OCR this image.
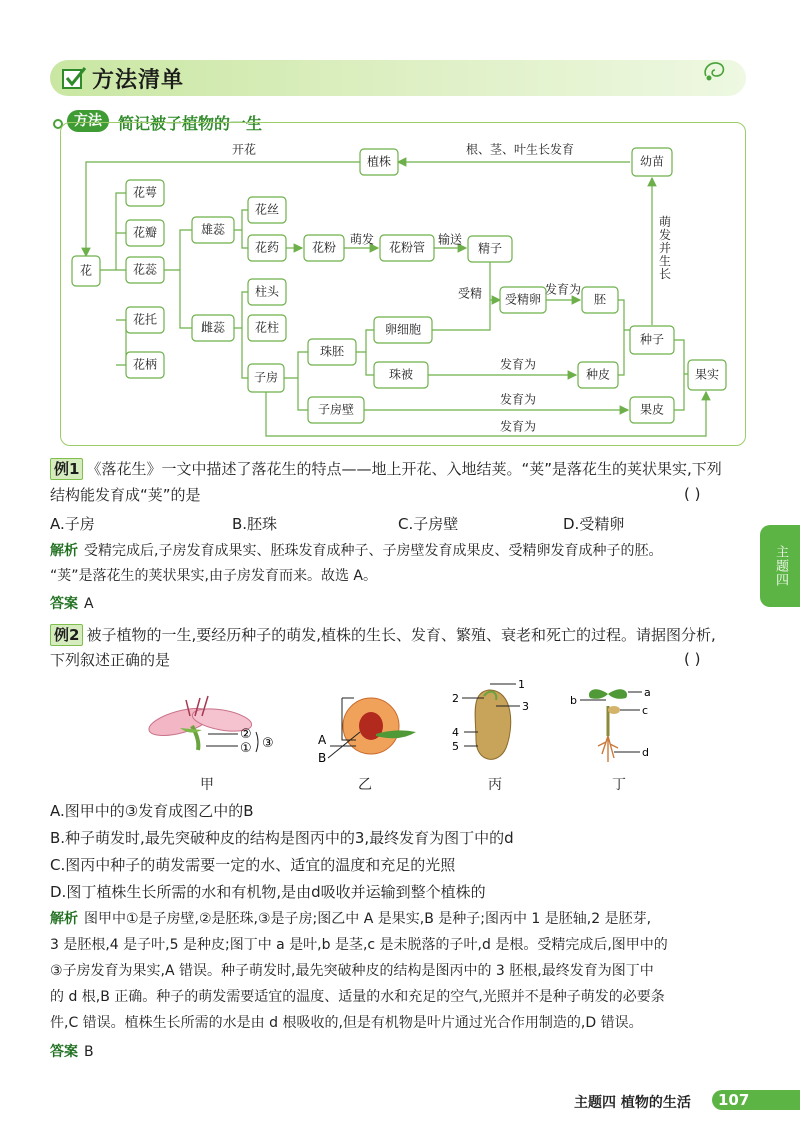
方法清单
方法	简记被子植物的一生
花
花萼
花瓣
花蕊
花托
花柄
雄蕊
雌蕊
花丝
花药
柱头
花柱
子房
花粉	花粉管	精子
珠胚
卵细胞
珠被
子房壁
受精卵	胚
种皮
种子
果皮
果实
幼苗
植株
开花	根、茎、叶生长发育
萌发	输送
受精	发育为
发育为
发育为
发育为
萌发并生长
例1 《落花生》一文中描述了落花生的特点——地上开花、入地结荚。“荚”是落花生的荚状果实,下列
结构能发育成“荚”的是	( )
A.子房	B.胚珠	C.子房壁	D.受精卵
解析 受精完成后,子房发育成果实、胚珠发育成种子、子房壁发育成果皮、受精卵发育成种子的胚。
“荚”是落花生的荚状果实,由子房发育而来。故选 A。
答案 A
主题四
例2 被子植物的一生,要经历种子的萌发,植株的生长、发育、繁殖、衰老和死亡的过程。请据图分析,
下列叙述正确的是	( )
②
① ③	A
B
1
2
3
4
5
a
b
c
d
甲	乙	丙	丁
A.图甲中的③发育成图乙中的B
B.种子萌发时,最先突破种皮的结构是图丙中的3,最终发育为图丁中的d
C.图丙中种子的萌发需要一定的水、适宜的温度和充足的光照
D.图丁植株生长所需的水和有机物,是由d吸收并运输到整个植株的
解析 图甲中①是子房壁,②是胚珠,③是子房;图乙中 A 是果实,B 是种子;图丙中 1 是胚轴,2 是胚芽,
3 是胚根,4 是子叶,5 是种皮;图丁中 a 是叶,b 是茎,c 是未脱落的子叶,d 是根。受精完成后,图甲中的
③子房发育为果实,A 错误。种子萌发时,最先突破种皮的结构是图丙中的 3 胚根,最终发育为图丁中
的 d 根,B 正确。种子的萌发需要适宜的温度、适量的水和充足的空气,光照并不是种子萌发的必要条
件,C 错误。植株生长所需的水是由 d 根吸收的,但是有机物是叶片通过光合作用制造的,D 错误。
答案 B
主题四 植物的生活	107
